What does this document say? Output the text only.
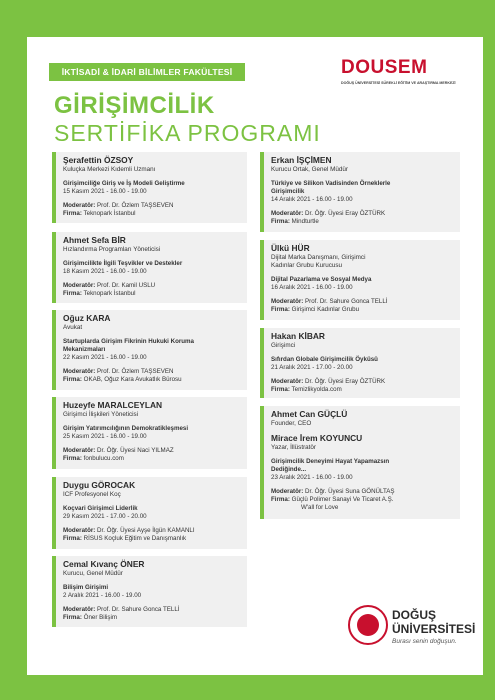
İKTİSADİ & İDARİ BİLİMLER FAKÜLTESİ	DOUSEM
DOĞUŞ ÜNİVERSİTESİ SÜREKLİ EĞİTİM VE ARAŞTIRMA MERKEZİ
GİRİŞİMCİLİK
SERTİFİKA PROGRAMI
Şerafettin ÖZSOY
Kuluçka Merkezi Kıdemli Uzmanı
Girişimciliğe Giriş ve İş Modeli Geliştirme
15 Kasım 2021 - 16.00 - 19.00
Moderatör: Prof. Dr. Özlem TAŞSEVEN
Firma: Teknopark İstanbul
Ahmet Sefa BİR
Hızlandırma Programları Yöneticisi
Girişimcilikte İlgili Teşvikler ve Destekler
18 Kasım 2021 - 16.00 - 19.00
Moderatör: Prof. Dr. Kamil USLU
Firma: Teknopark İstanbul
Oğuz KARA
Avukat
Startuplarda Girişim Fikrinin Hukuki Koruma Mekanizmaları
22 Kasım 2021 - 16.00 - 19.00
Moderatör: Prof. Dr. Özlem TAŞSEVEN
Firma: OKAB, Oğuz Kara Avukatlık Bürosu
Huzeyfe MARALCEYLAN
Girişimci İlişkileri Yöneticisi
Girişim Yatırımcılığının Demokratikleşmesi
25 Kasım 2021 - 16.00 - 19.00
Moderatör: Dr. Öğr. Üyesi Naci YILMAZ
Firma: fonbulucu.com
Duygu GÖROCAK
ICF Profesyonel Koç
Koçvari Girişimci Liderlik
29 Kasım 2021 - 17.00 - 20.00
Moderatör: Dr. Öğr. Üyesi Ayşe İlgün KAMANLI
Firma: RİSUS Koçluk Eğitim ve Danışmanlık
Cemal Kıvanç ÖNER
Kurucu, Genel Müdür
Bilişim Girişimi
2 Aralık 2021 - 16.00 - 19.00
Moderatör: Prof. Dr. Sahure Gonca TELLİ
Firma: Öner Bilişim
Erkan İŞÇİMEN
Kurucu Ortak, Genel Müdür
Türkiye ve Silikon Vadisinden Örneklerle Girişimcilik
14 Aralık 2021 - 16.00 - 19.00
Moderatör: Dr. Öğr. Üyesi Eray ÖZTÜRK
Firma: Mindturtle
Ülkü HÜR
Dijital Marka Danışmanı, Girişimci Kadınlar Grubu Kurucusu
Dijital Pazarlama ve Sosyal Medya
16 Aralık 2021 - 16.00 - 19.00
Moderatör: Prof. Dr. Sahure Gonca TELLİ
Firma: Girişimci Kadınlar Grubu
Hakan KİBAR
Girişimci
Sıfırdan Globale Girişimcilik Öyküsü
21 Aralık 2021 - 17.00 - 20.00
Moderatör: Dr. Öğr. Üyesi Eray ÖZTÜRK
Firma: Temizlikyolda.com
Ahmet Can GÜÇLÜ
Founder, CEO
Mirace İrem KOYUNCU
Yazar, İllüstratör
Girişimcilik Deneyimi Hayat Yapamazsın Dediğinde...
23 Aralık 2021 - 16.00 - 19.00
Moderatör: Dr. Öğr. Üyesi Suna GÖNÜLTAŞ
Firma: Güçlü Polimer Sanayi Ve Ticaret A.Ş.
W'all for Love
DOĞUŞ
ÜNİVERSİTESİ
Burası senin doğuşun.
Webinar
